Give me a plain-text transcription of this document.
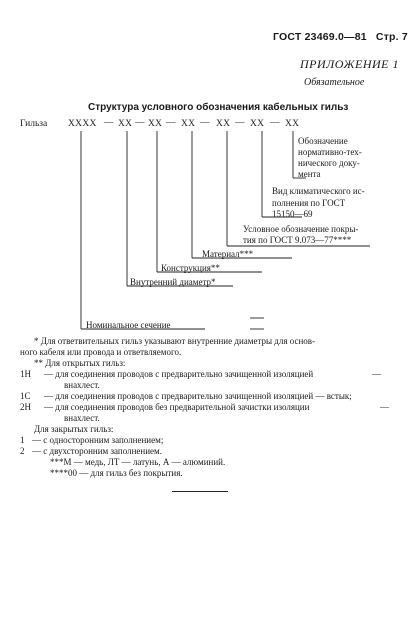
ГОСТ 23469.0—81 Стр. 7
ПРИЛОЖЕНИЕ 1
Обязательное
Структура условного обозначения кабельных гильз
Гильза XXXX — XX — XX — XX — XX — XX — XX
Обозначение
нормативно-тех-
нического доку-
мента
Вид климатического ис-
полнения по ГОСТ
15150—69
Условное обозначение покры-
тия по ГОСТ 9.073—77****
Материал***
Конструкция**
Внутренний диаметр*
Номинальное сечение
* Для ответвительных гильз указывают внутренние диаметры для основ-
ного кабеля или провода и ответвляемого.
** Для открытых гильз:
1Н — для соединения проводов с предварительно зачищенной изоляцией	—
внахлест.
1С — для соединения проводов с предварительно зачищенной изоляцией — встык;
2Н — для соединения проводов без предварительной зачистки изоляции	—
внахлест.
Для закрытых гильз:
1 — с односторонним заполнением;
2 — с двухсторонним заполнением.
***М — медь, ЛТ — латунь, А — алюминий.
****00 — для гильз без покрытия.
